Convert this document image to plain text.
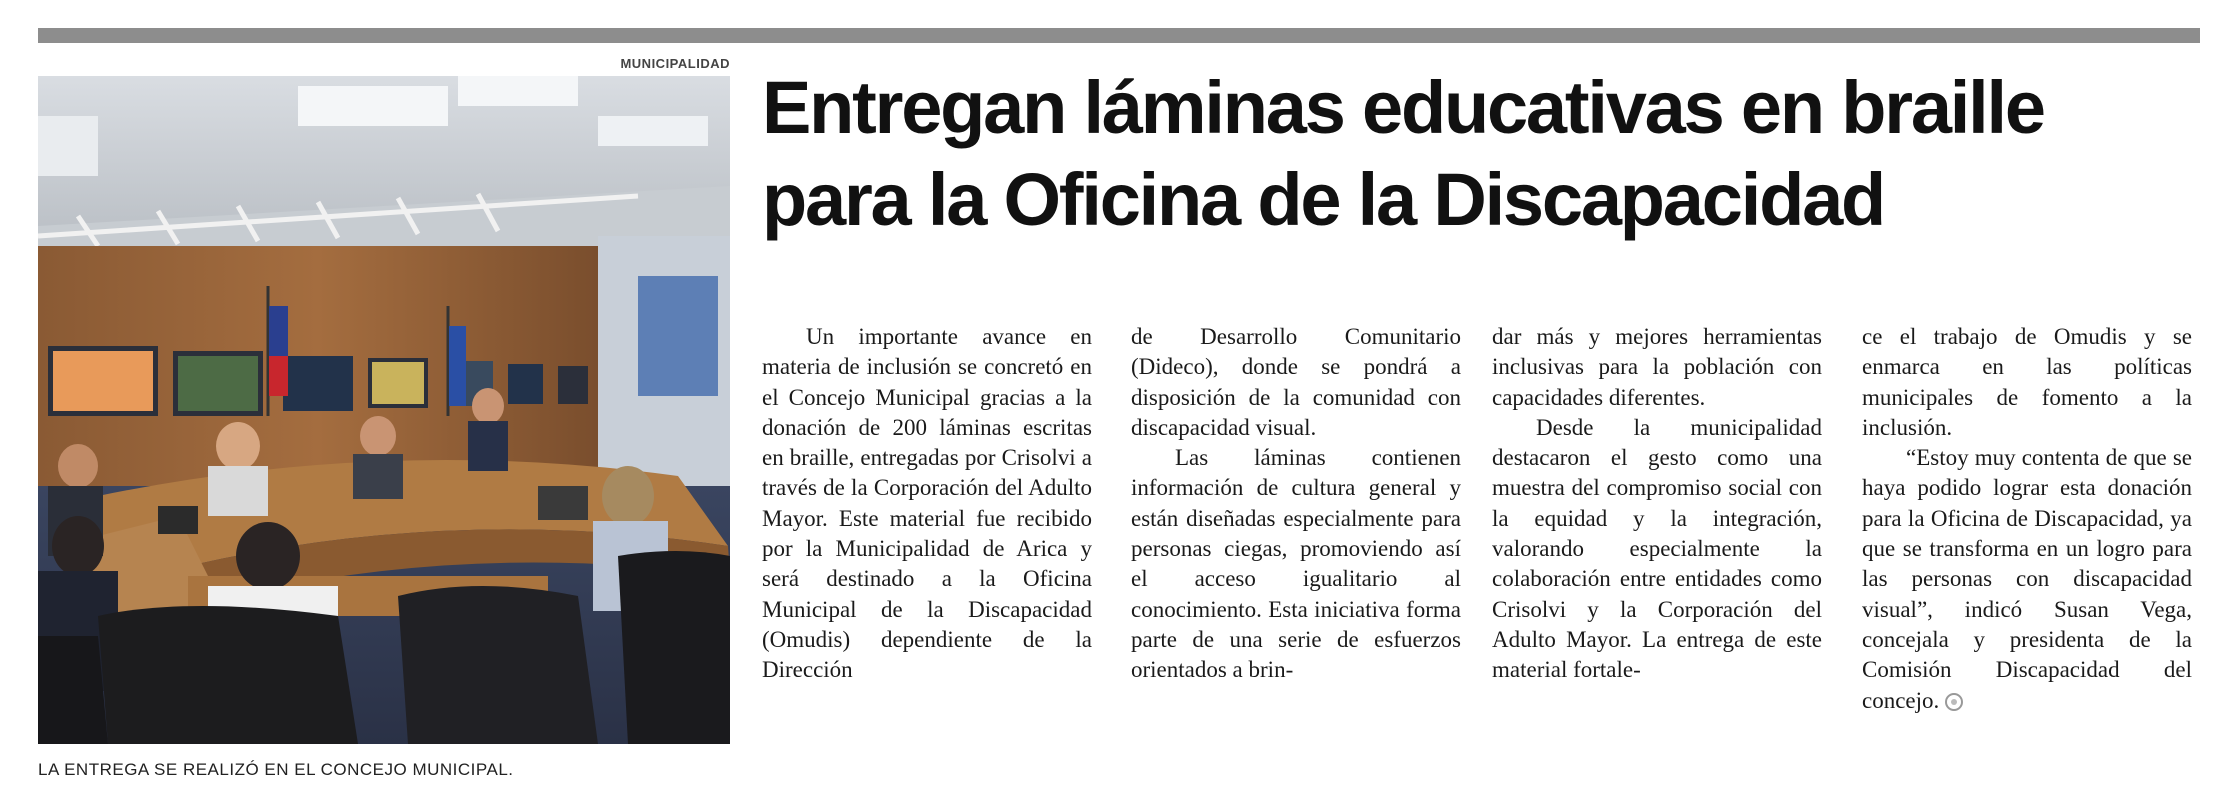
MUNICIPALIDAD
LA ENTREGA SE REALIZÓ EN EL CONCEJO MUNICIPAL.
Entregan láminas educativas en braille
para la Oficina de la Discapacidad

Un importante avance en materia de inclusión se concretó en el Concejo Municipal gracias a la donación de 200 láminas escritas en braille, entregadas por Crisolvi a través de la Corporación del Adulto Mayor. Este material fue recibido por la Municipalidad de Arica y será destinado a la Oficina Municipal de la Discapacidad (Omudis) dependiente de la Dirección

de Desarrollo Comunitario (Dideco), donde se pondrá a disposición de la comunidad con discapacidad visual.

Las láminas contienen información de cultura general y están diseñadas especialmente para personas ciegas, promoviendo así el acceso igualitario al conocimiento. Esta iniciativa forma parte de una serie de esfuerzos orientados a brin-

dar más y mejores herramientas inclusivas para la población con capacidades diferentes.

Desde la municipalidad destacaron el gesto como una muestra del compromiso social con la equidad y la integración, valorando especialmente la colaboración entre entidades como Crisolvi y la Corporación del Adulto Mayor. La entrega de este material fortale-

ce el trabajo de Omudis y se enmarca en las políticas municipales de fomento a la inclusión.

“Estoy muy contenta de que se haya podido lograr esta donación para la Oficina de Discapacidad, ya que se transforma en un logro para las personas con discapacidad visual”, indicó Susan Vega, concejala y presidenta de la Comisión Discapacidad del concejo.
